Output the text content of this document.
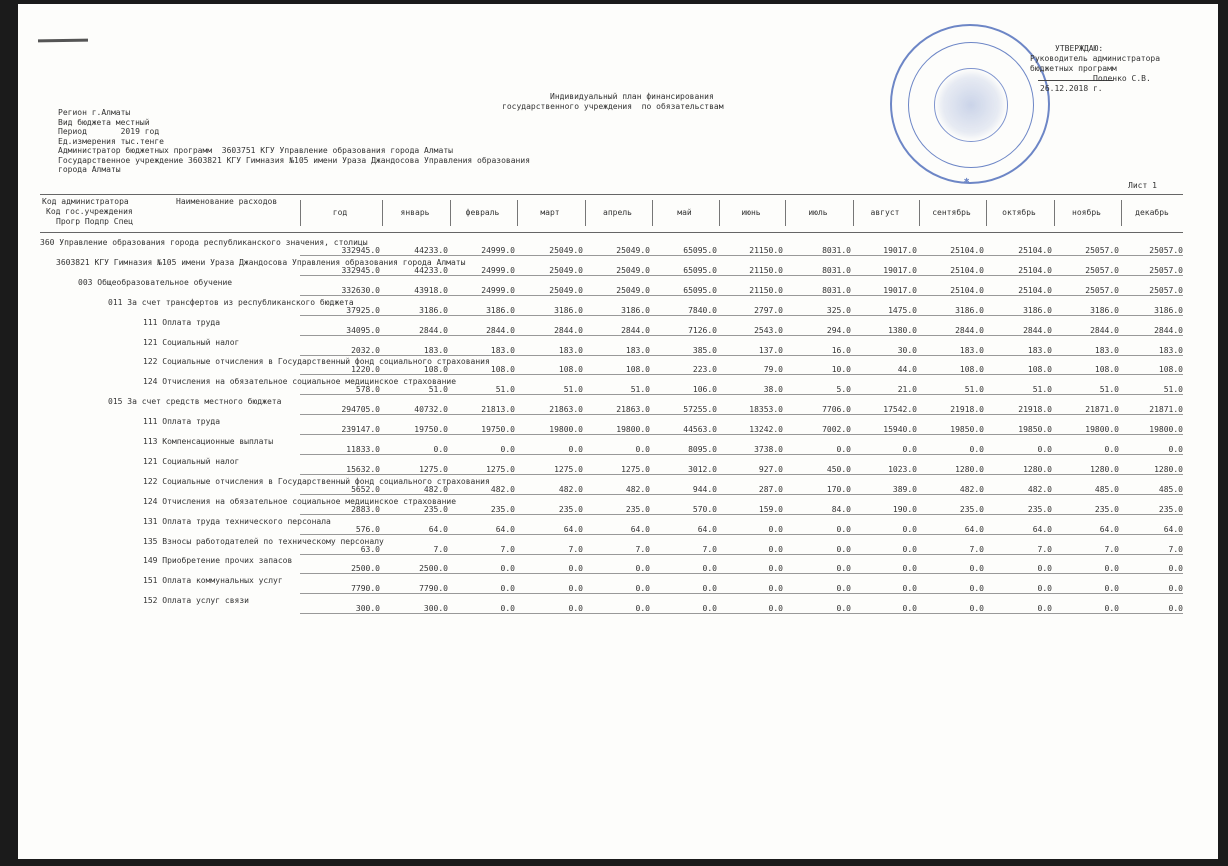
✱
УТВЕРЖДАЮ:
Руководитель администратора
бюджетных программ
Поленко С.В.
26.12.2018 г.
Индивидуальный план финансирования
государственного учреждения  по обязательствам
Регион г.Алматы
Вид бюджета местный
Период       2019 год
Ед.измерения тыс.тенге
Администратор бюджетных программ  3603751 КГУ Управление образования города Алматы
Государственное учреждение 3603821 КГУ Гимназия №105 имени Ураза Джандосова Управления образования
города Алматы
Лист 1
Код администратора	Наименование расходов
Код гос.учреждения
Прогр Подпр Спец
год	январь	февраль	март	апрель	май	июнь	июль	август	сентябрь	октябрь	ноябрь	декабрь
360 Управление образования города республиканского значения, столицы
332945.0	44233.0	24999.0	25049.0	25049.0	65095.0	21150.0	8031.0	19017.0	25104.0	25104.0	25057.0	25057.0
3603821 КГУ Гимназия №105 имени Ураза Джандосова Управления образования города Алматы
332945.0	44233.0	24999.0	25049.0	25049.0	65095.0	21150.0	8031.0	19017.0	25104.0	25104.0	25057.0	25057.0
003 Общеобразовательное обучение
332630.0	43918.0	24999.0	25049.0	25049.0	65095.0	21150.0	8031.0	19017.0	25104.0	25104.0	25057.0	25057.0
011 За счет трансфертов из республиканского бюджета
37925.0	3186.0	3186.0	3186.0	3186.0	7840.0	2797.0	325.0	1475.0	3186.0	3186.0	3186.0	3186.0
111 Оплата труда
34095.0	2844.0	2844.0	2844.0	2844.0	7126.0	2543.0	294.0	1380.0	2844.0	2844.0	2844.0	2844.0
121 Социальный налог
2032.0	183.0	183.0	183.0	183.0	385.0	137.0	16.0	30.0	183.0	183.0	183.0	183.0
122 Социальные отчисления в Государственный фонд социального страхования
1220.0	108.0	108.0	108.0	108.0	223.0	79.0	10.0	44.0	108.0	108.0	108.0	108.0
124 Отчисления на обязательное социальное медицинское страхование
578.0	51.0	51.0	51.0	51.0	106.0	38.0	5.0	21.0	51.0	51.0	51.0	51.0
015 За счет средств местного бюджета
294705.0	40732.0	21813.0	21863.0	21863.0	57255.0	18353.0	7706.0	17542.0	21918.0	21918.0	21871.0	21871.0
111 Оплата труда
239147.0	19750.0	19750.0	19800.0	19800.0	44563.0	13242.0	7002.0	15940.0	19850.0	19850.0	19800.0	19800.0
113 Компенсационные выплаты
11833.0	0.0	0.0	0.0	0.0	8095.0	3738.0	0.0	0.0	0.0	0.0	0.0	0.0
121 Социальный налог
15632.0	1275.0	1275.0	1275.0	1275.0	3012.0	927.0	450.0	1023.0	1280.0	1280.0	1280.0	1280.0
122 Социальные отчисления в Государственный фонд социального страхования
5652.0	482.0	482.0	482.0	482.0	944.0	287.0	170.0	389.0	482.0	482.0	485.0	485.0
124 Отчисления на обязательное социальное медицинское страхование
2883.0	235.0	235.0	235.0	235.0	570.0	159.0	84.0	190.0	235.0	235.0	235.0	235.0
131 Оплата труда технического персонала
576.0	64.0	64.0	64.0	64.0	64.0	0.0	0.0	0.0	64.0	64.0	64.0	64.0
135 Взносы работодателей по техническому персоналу
63.0	7.0	7.0	7.0	7.0	7.0	0.0	0.0	0.0	7.0	7.0	7.0	7.0
149 Приобретение прочих запасов
2500.0	2500.0	0.0	0.0	0.0	0.0	0.0	0.0	0.0	0.0	0.0	0.0	0.0
151 Оплата коммунальных услуг
7790.0	7790.0	0.0	0.0	0.0	0.0	0.0	0.0	0.0	0.0	0.0	0.0	0.0
152 Оплата услуг связи
300.0	300.0	0.0	0.0	0.0	0.0	0.0	0.0	0.0	0.0	0.0	0.0	0.0
